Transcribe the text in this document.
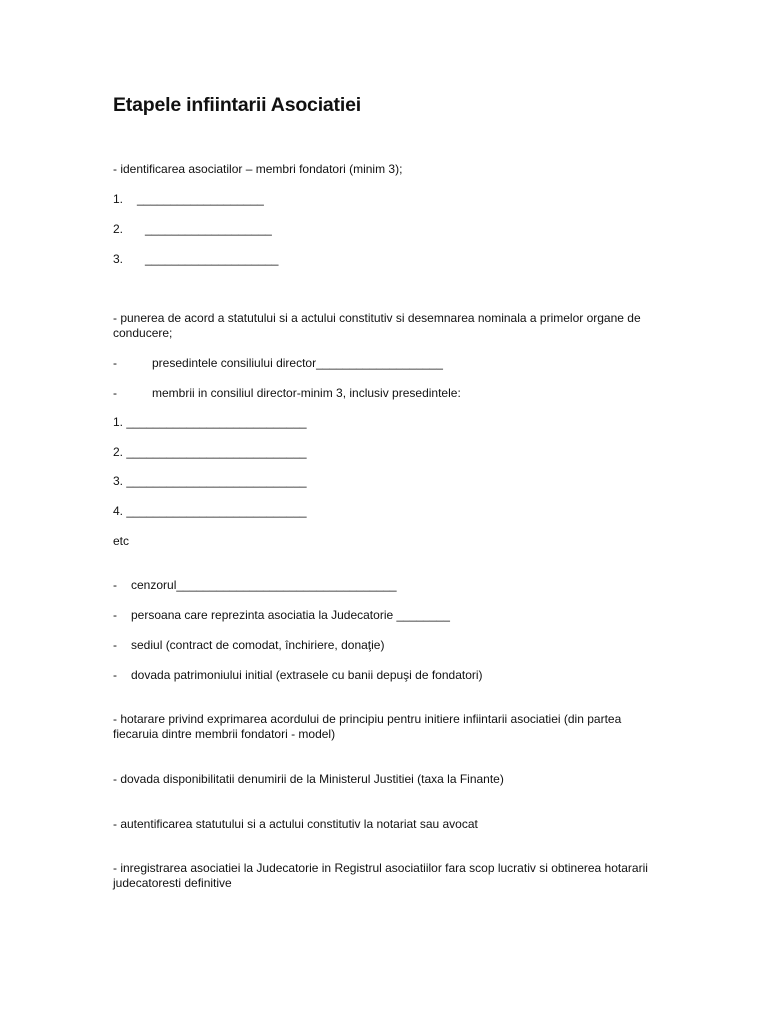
Etapele infiintarii Asociatiei
- identificarea asociatilor – membri fondatori (minim 3);
1. ___________________
2. ___________________
3. ____________________
- punerea de acord a statutului si a actului constitutiv si desemnarea nominala a primelor organe de conducere;
-	presedintele consiliului director___________________
-	membrii in consiliul director-minim 3, inclusiv presedintele:
1. ___________________________
2. ___________________________
3. ___________________________
4. ___________________________
etc
- cenzorul_________________________________
- persoana care reprezinta asociatia la Judecatorie ________
- sediul (contract de comodat, închiriere, donaţie)
- dovada patrimoniului initial (extrasele cu banii depuşi de fondatori)
- hotarare privind exprimarea acordului de principiu pentru initiere infiintarii asociatiei (din partea fiecaruia dintre membrii fondatori - model)
- dovada disponibilitatii denumirii de la Ministerul Justitiei (taxa la Finante)
- autentificarea statutului si a actului constitutiv la notariat sau avocat
- inregistrarea asociatiei la Judecatorie in Registrul asociatiilor fara scop lucrativ si obtinerea hotararii judecatoresti definitive
